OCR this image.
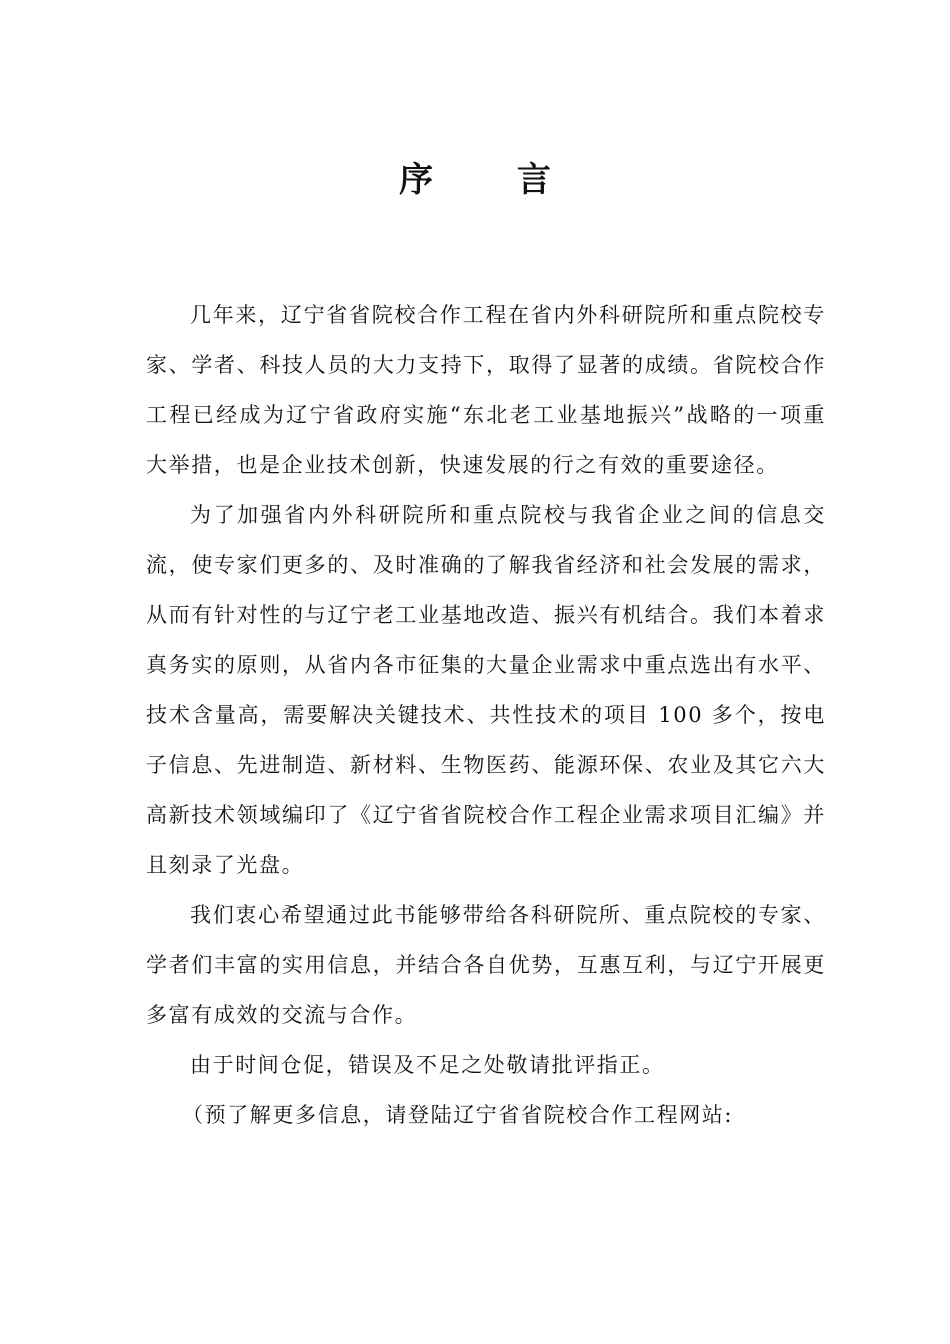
序 言

几年来，辽宁省省院校合作工程在省内外科研院所和重点院校专家、学者、科技人员的大力支持下，取得了显著的成绩。省院校合作工程已经成为辽宁省政府实施“东北老工业基地振兴”战略的一项重大举措，也是企业技术创新，快速发展的行之有效的重要途径。

为了加强省内外科研院所和重点院校与我省企业之间的信息交流，使专家们更多的、及时准确的了解我省经济和社会发展的需求，从而有针对性的与辽宁老工业基地改造、振兴有机结合。我们本着求真务实的原则，从省内各市征集的大量企业需求中重点选出有水平、技术含量高，需要解决关键技术、共性技术的项目 100 多个，按电子信息、先进制造、新材料、生物医药、能源环保、农业及其它六大高新技术领域编印了《辽宁省省院校合作工程企业需求项目汇编》并且刻录了光盘。

我们衷心希望通过此书能够带给各科研院所、重点院校的专家、学者们丰富的实用信息，并结合各自优势，互惠互利，与辽宁开展更多富有成效的交流与合作。

由于时间仓促，错误及不足之处敬请批评指正。

（预了解更多信息，请登陆辽宁省省院校合作工程网站:
